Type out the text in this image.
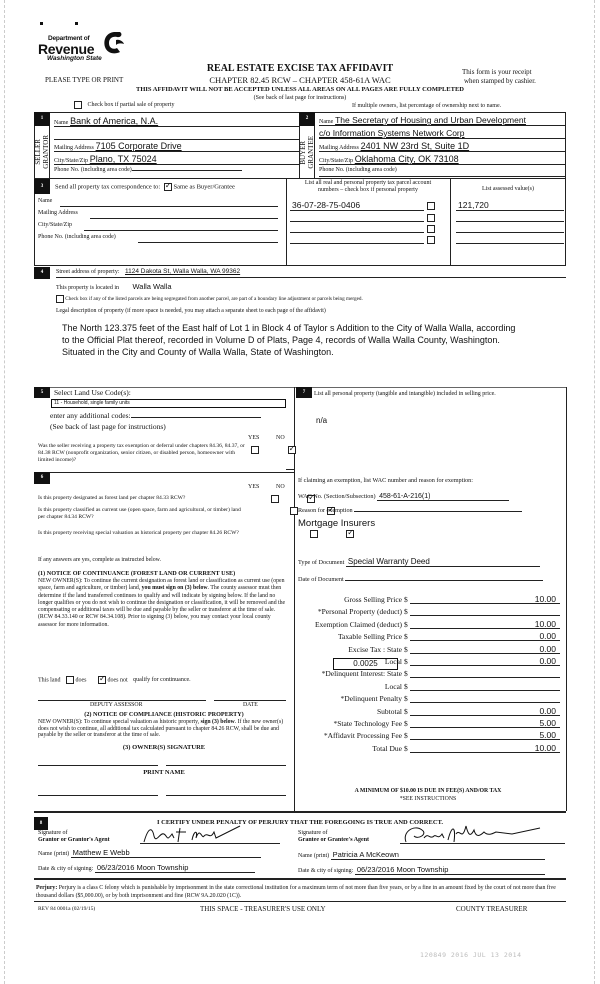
Department of
Revenue
Washington State
PLEASE TYPE OR PRINT
REAL ESTATE EXCISE TAX AFFIDAVIT
CHAPTER 82.45 RCW – CHAPTER 458-61A WAC
This form is your receipt
when stamped by cashier.
THIS AFFIDAVIT WILL NOT BE ACCEPTED UNLESS ALL AREAS ON ALL PAGES ARE FULLY COMPLETED
(See back of last page for instructions)
Check box if partial sale of property	If multiple owners, list percentage of ownership next to name.
1
SELLER
GRANTOR
Name Bank of America, N.A.
Mailing Address 7105 Corporate Drive
City/State/Zip Plano, TX 75024
Phone No. (including area code)
2
BUYER
GRANTEE
Name The Secretary of Housing and Urban Development
c/o Information Systems Network Corp
Mailing Address 2401 NW 23rd St, Suite 1D
City/State/Zip Oklahoma City, OK 73108
Phone No. (including area code)
3	Send all property tax correspondence to: ✓ Same as Buyer/Grantee
Name
Mailing Address
City/State/Zip
Phone No. (including area code)
List all real and personal property tax parcel account
numbers – check box if personal property	List assessed value(s)
36-07-28-75-0406	121,720
4	Street address of property: 1124 Dakota St, Walla Walla, WA 99362
This property is located in Walla Walla
Check box if any of the listed parcels are being segregated from another parcel, are part of a boundary line adjustment or parcels being merged.
Legal description of property (if more space is needed, you may attach a separate sheet to each page of the affidavit)
The North 123.375 feet of the East half of Lot 1 in Block 4 of Taylor s Addition to the City of Walla Walla, according to the Official Plat thereof, recorded in Volume D of Plats, Page 4, records of Walla Walla County, Washington. Situated in the City and County of Walla Walla, State of Washington.
5	Select Land Use Code(s):
11 - Household, single family units
enter any additional codes:
(See back of last page for instructions)
YES	NO
Was the seller receiving a property tax exemption or deferral under chapters 84.36, 84.37, or 84.38 RCW (nonprofit organization, senior citizen, or disabled person, homeowner with limited income)?
✓
6
YES	NO
Is this property designated as forest land per chapter 84.33 RCW?
✓
Is this property classified as current use (open space, farm and agricultural, or timber) land per chapter 84.34 RCW?
✓
Is this property receiving special valuation as historical property per chapter 84.26 RCW?
✓
If any answers are yes, complete as instructed below.
(1) NOTICE OF CONTINUANCE (FOREST LAND OR CURRENT USE)
NEW OWNER(S): To continue the current designation as forest land or classification as current use (open space, farm and agriculture, or timber) land, you must sign on (3) below. The county assessor must then determine if the land transferred continues to qualify and will indicate by signing below. If the land no longer qualifies or you do not wish to continue the designation or classification, it will be removed and the compensating or additional taxes will be due and payable by the seller or transferor at the time of sale. (RCW 84.33.140 or RCW 84.34.108). Prior to signing (3) below, you may contact your local county assessor for more information.
This land	does ✓	does not qualify for continuance.
DEPUTY ASSESSOR	DATE
(2) NOTICE OF COMPLIANCE (HISTORIC PROPERTY)
NEW OWNER(S): To continue special valuation as historic property, sign (3) below. If the new owner(s) does not wish to continue, all additional tax calculated pursuant to chapter 84.26 RCW, shall be due and payable by the seller or transferor at the time of sale.
(3) OWNER(S) SIGNATURE
PRINT NAME
7	List all personal property (tangible and intangible) included in selling price.
n/a
If claiming an exemption, list WAC number and reason for exemption:
WAC No. (Section/Subsection) 458-61-A-216(1)
Reason for exemption
Mortgage Insurers
Type of Document Special Warranty Deed
Date of Document
Gross Selling Price $	10.00
*Personal Property (deduct) $
Exemption Claimed (deduct) $	10.00
Taxable Selling Price $	0.00
Excise Tax : State $	0.00
Local $	0.00
*Delinquent Interest: State $
Local $
*Delinquent Penalty $
Subtotal $	0.00
*State Technology Fee $	5.00
*Affidavit Processing Fee $	5.00
Total Due $	10.00
0.0025
A MINIMUM OF $10.00 IS DUE IN FEE(S) AND/OR TAX
*SEE INSTRUCTIONS
8	I CERTIFY UNDER PENALTY OF PERJURY THAT THE FOREGOING IS TRUE AND CORRECT.
Signature of
Grantor or Grantor's Agent
Name (print) Matthew E Webb
Date & city of signing: 06/23/2016 Moon Township
Signature of
Grantee or Grantee's Agent
Name (print) Patricia A McKeown
Date & city of signing: 06/23/2016 Moon Township
Perjury: Perjury is a class C felony which is punishable by imprisonment in the state correctional institution for a maximum term of not more than five years, or by a fine in an amount fixed by the court of not more than five thousand dollars ($5,000.00), or by both imprisonment and fine (RCW 9A.20.020 (1C)).
REV 84 0001a (02/19/15)	THIS SPACE - TREASURER'S USE ONLY	COUNTY TREASURER
120849 2016 JUL 13 2014
